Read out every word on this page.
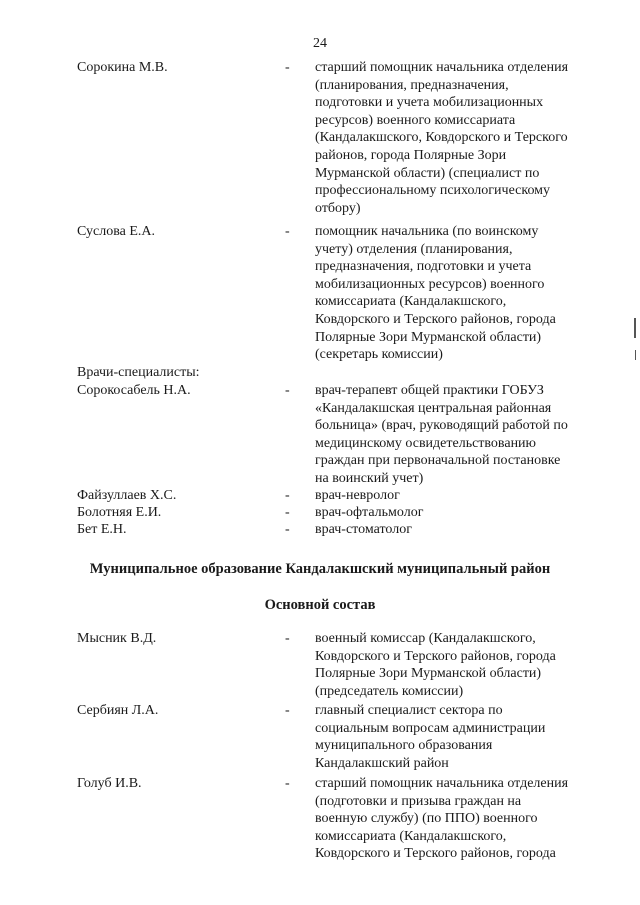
24
Сорокина М.В.	- старший помощник начальника отделения
(планирования, предназначения,
подготовки и учета мобилизационных
ресурсов) военного комиссариата
(Кандалакшского, Ковдорского и Терского
районов, города Полярные Зори
Мурманской области) (специалист по
профессиональному психологическому
отбору)
Суслова Е.А.	- помощник начальника (по воинскому
учету) отделения (планирования,
предназначения, подготовки и учета
мобилизационных ресурсов) военного
комиссариата (Кандалакшского,
Ковдорского и Терского районов, города
Полярные Зори Мурманской области)
(секретарь комиссии)
Врачи-специалисты:
Сорокосабель Н.А.	- врач-терапевт общей практики ГОБУЗ
«Кандалакшская центральная районная
больница» (врач, руководящий работой по
медицинскому освидетельствованию
граждан при первоначальной постановке
на воинский учет)
Файзуллаев Х.С.	- врач-невролог
Болотняя Е.И.	- врач-офтальмолог
Бет Е.Н.	- врач-стоматолог
Муниципальное образование Кандалакшский муниципальный район
Основной состав
Мысник В.Д.	- военный комиссар (Кандалакшского,
Ковдорского и Терского районов, города
Полярные Зори Мурманской области)
(председатель комиссии)
Сербиян Л.А.	- главный специалист сектора по
социальным вопросам администрации
муниципального образования
Кандалакшский район
Голуб И.В.	- старший помощник начальника отделения
(подготовки и призыва граждан на
военную службу) (по ППО) военного
комиссариата (Кандалакшского,
Ковдорского и Терского районов, города
